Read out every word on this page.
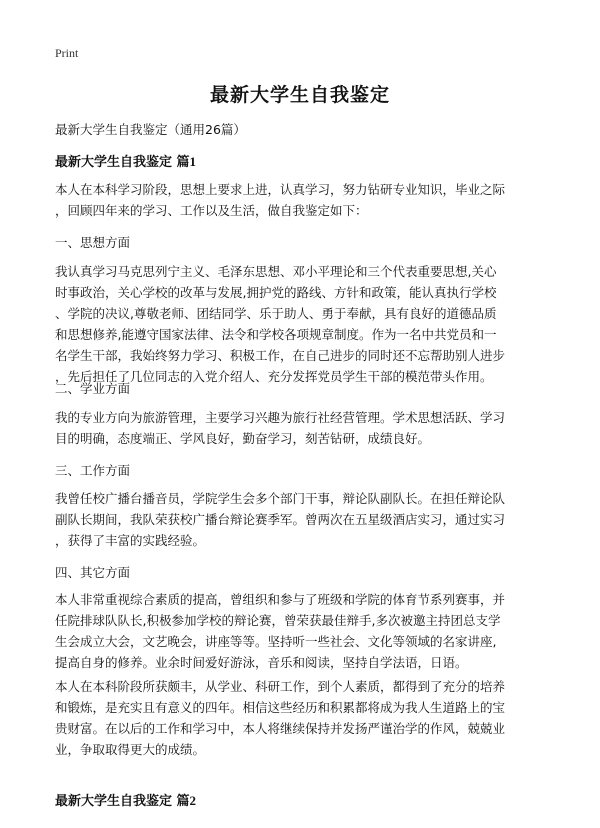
Print
最新大学生自我鉴定
最新大学生自我鉴定（通用26篇）
最新大学生自我鉴定 篇1
本人在本科学习阶段，思想上要求上进，认真学习，努力钻研专业知识，毕业之际
，回顾四年来的学习、工作以及生活，做自我鉴定如下：
一、思想方面
我认真学习马克思列宁主义、毛泽东思想、邓小平理论和三个代表重要思想,关心
时事政治，关心学校的改革与发展,拥护党的路线、方针和政策，能认真执行学校
、学院的决议,尊敬老师、团结同学、乐于助人、勇于奉献，具有良好的道德品质
和思想修养,能遵守国家法律、法令和学校各项规章制度。作为一名中共党员和一
名学生干部，我始终努力学习、积极工作，在自己进步的同时还不忘帮助别人进步
，先后担任了几位同志的入党介绍人、充分发挥党员学生干部的模范带头作用。
二、学业方面
我的专业方向为旅游管理，主要学习兴趣为旅行社经营管理。学术思想活跃、学习
目的明确，态度端正、学风良好，勤奋学习，刻苦钻研，成绩良好。
三、工作方面
我曾任校广播台播音员，学院学生会多个部门干事，辩论队副队长。在担任辩论队
副队长期间，我队荣获校广播台辩论赛季军。曾两次在五星级酒店实习，通过实习
，获得了丰富的实践经验。
四、其它方面
本人非常重视综合素质的提高，曾组织和参与了班级和学院的体育节系列赛事，并
任院排球队队长,积极参加学校的辩论赛，曾荣获最佳辩手,多次被邀主持团总支学
生会成立大会，文艺晚会，讲座等等。坚持听一些社会、文化等领域的名家讲座,
提高自身的修养。业余时间爱好游泳，音乐和阅读，坚持自学法语，日语。
本人在本科阶段所获颇丰，从学业、科研工作，到个人素质，都得到了充分的培养
和锻炼，是充实且有意义的四年。相信这些经历和积累都将成为我人生道路上的宝
贵财富。在以后的工作和学习中，本人将继续保持并发扬严谨治学的作风，兢兢业
业，争取取得更大的成绩。
最新大学生自我鉴定 篇2
